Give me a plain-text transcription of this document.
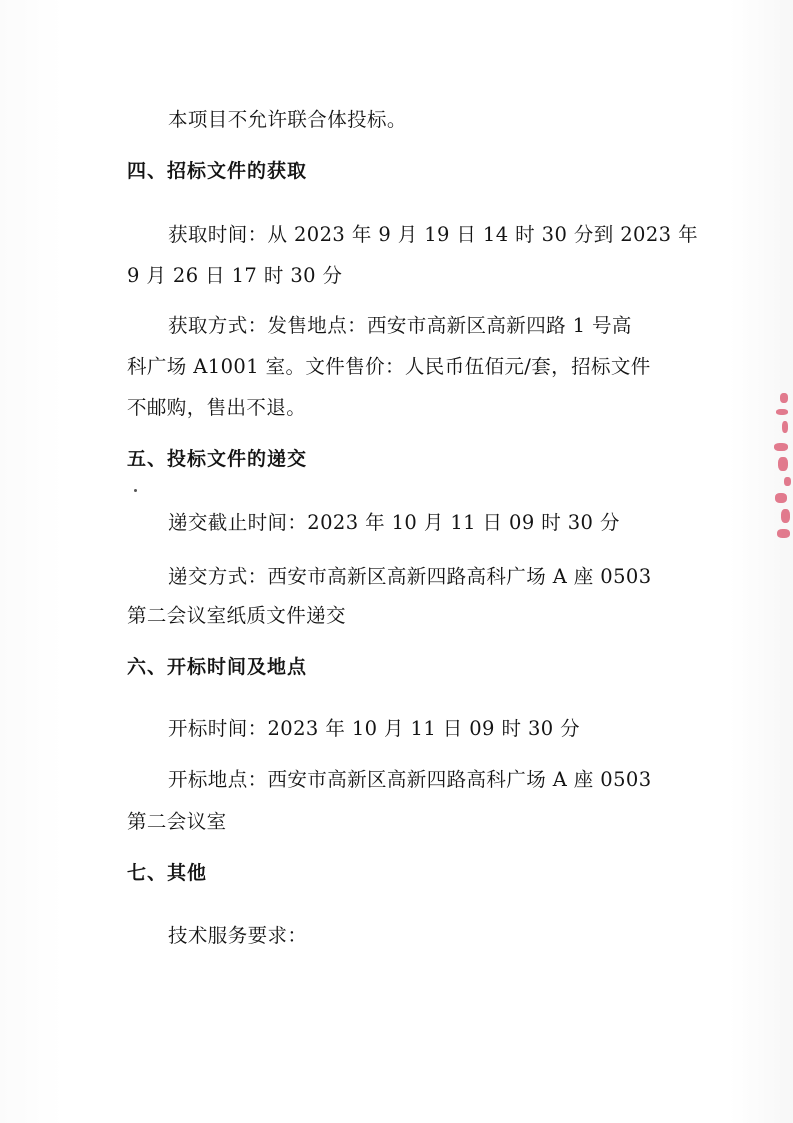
本项目不允许联合体投标。
四、招标文件的获取
获取时间：从 2023 年 9 月 19 日 14 时 30 分到 2023 年
9 月 26 日 17 时 30 分
获取方式：发售地点：西安市高新区高新四路 1 号高
科广场 A1001 室。文件售价：人民币伍佰元/套，招标文件
不邮购，售出不退。
五、投标文件的递交
递交截止时间：2023 年 10 月 11 日 09 时 30 分
递交方式：西安市高新区高新四路高科广场 A 座 0503
第二会议室纸质文件递交
六、开标时间及地点
开标时间：2023 年 10 月 11 日 09 时 30 分
开标地点：西安市高新区高新四路高科广场 A 座 0503
第二会议室
七、其他
技术服务要求：
